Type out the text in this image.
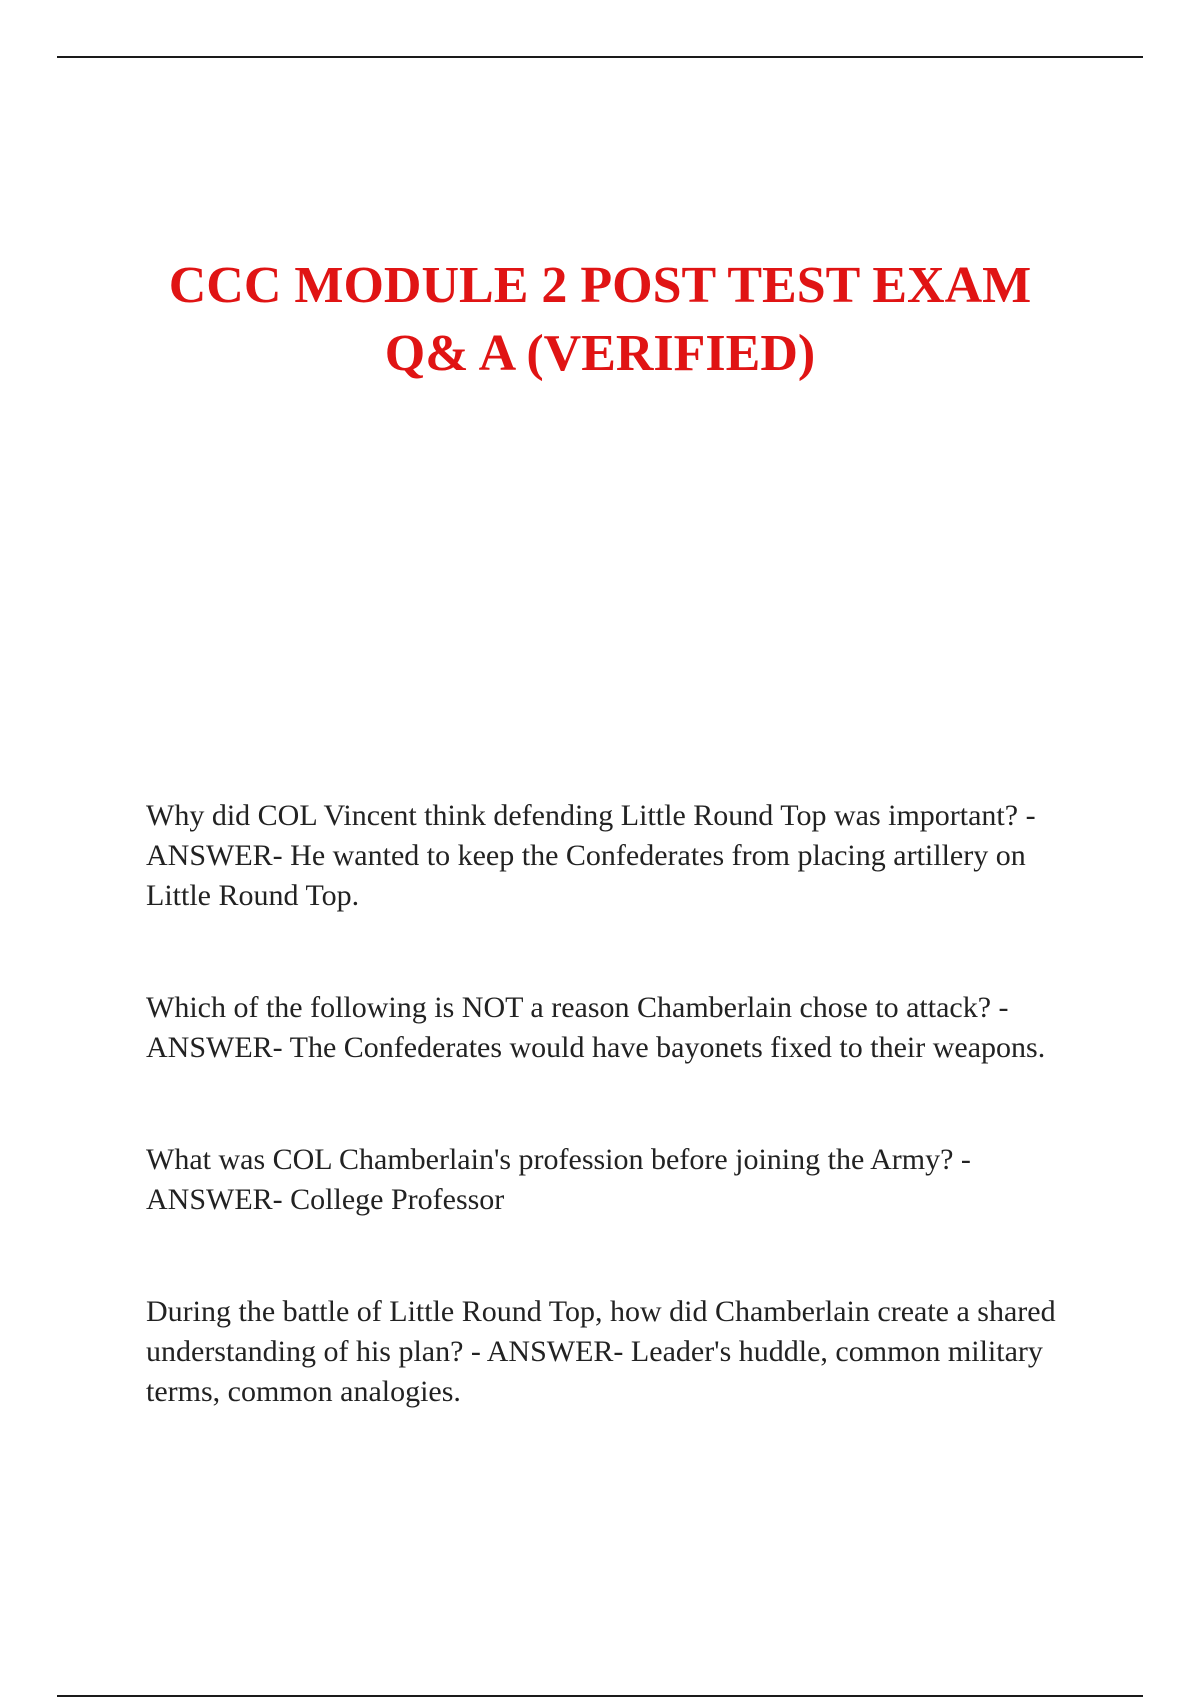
CCC MODULE 2 POST TEST EXAM
Q& A (VERIFIED)
Why did COL Vincent think defending Little Round Top was important? - ANSWER- He wanted to keep the Confederates from placing artillery on Little Round Top.
Which of the following is NOT a reason Chamberlain chose to attack? - ANSWER- The Confederates would have bayonets fixed to their weapons.
What was COL Chamberlain's profession before joining the Army? - ANSWER- College Professor
During the battle of Little Round Top, how did Chamberlain create a shared understanding of his plan? - ANSWER- Leader's huddle, common military terms, common analogies.
